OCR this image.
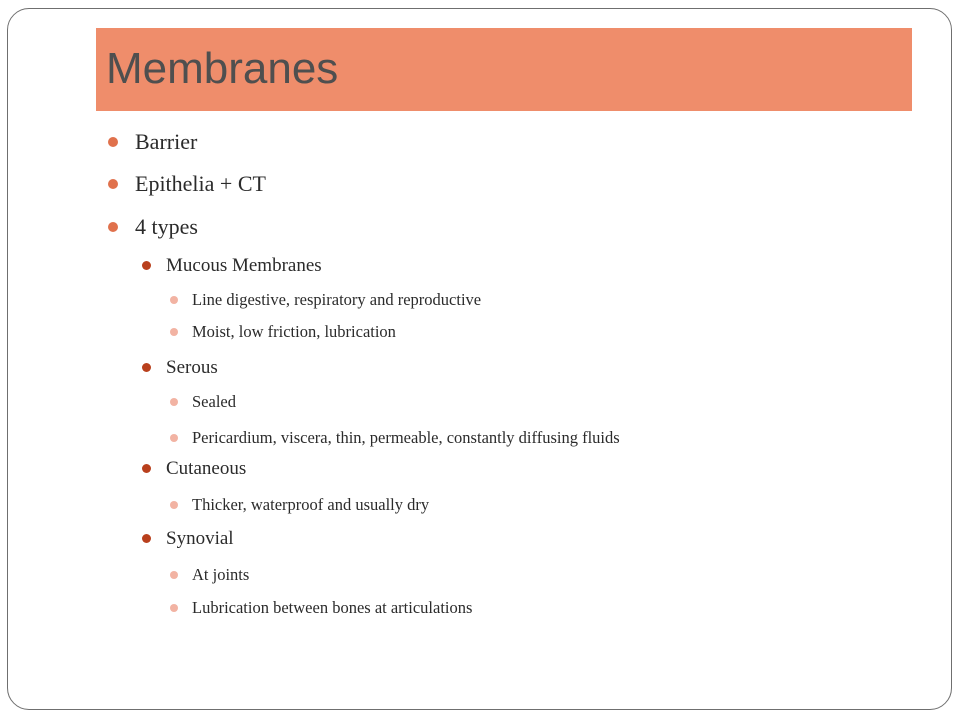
Membranes
Barrier
Epithelia + CT
4 types
Mucous Membranes
Line digestive, respiratory and reproductive
Moist, low friction, lubrication
Serous
Sealed
Pericardium, viscera, thin, permeable, constantly diffusing fluids
Cutaneous
Thicker, waterproof and usually dry
Synovial
At joints
Lubrication between bones at articulations
